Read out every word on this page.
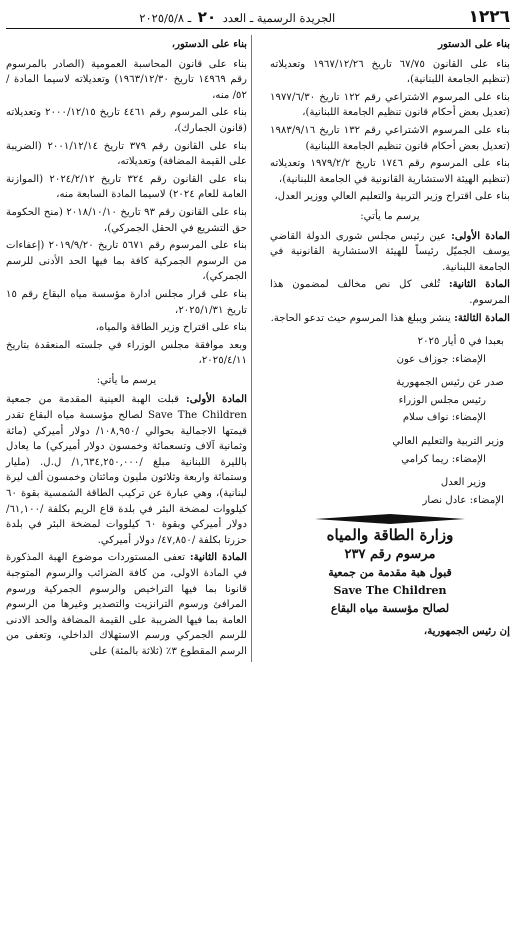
١٢٢٦
الجريدة الرسمية ـ العدد ٢٠ ـ ٢٠٢٥/٥/٨

بناء على الدستور

بناء على القانون ٦٧/٧٥ تاريخ ١٩٦٧/١٢/٢٦ وتعديلاته (تنظيم الجامعة اللبنانية)،

بناء على المرسوم الاشتراعي رقم ١٢٢ تاريخ ١٩٧٧/٦/٣٠ (تعديل بعض أحكام قانون تنظيم الجامعة اللبنانية)،

بناء على المرسوم الاشتراعي رقم ١٣٢ تاريخ ١٩٨٣/٩/١٦ (تعديل بعض أحكام قانون تنظيم الجامعة اللبنانية)

بناء على المرسوم رقم ١٧٤٦ تاريخ ١٩٧٩/٢/٢ وتعديلاته (تنظيم الهيئة الاستشارية القانونية في الجامعة اللبنانية)،

بناء على اقتراح وزير التربية والتعليم العالي ووزير العدل،

يرسم ما يأتي:

المادة الأولى: عين رئيس مجلس شورى الدولة القاضي يوسف الجميّل رئيساً للهيئة الاستشارية القانونية في الجامعة اللبنانية.

المادة الثانية: تُلغى كل نص مخالف لمضمون هذا المرسوم.

المادة الثالثة: ينشر ويبلغ هذا المرسوم حيث تدعو الحاجة.

بعبدا في ٥ أيار ٢٠٢٥

الإمضاء: جوزاف عون

صدر عن رئيس الجمهورية

رئيس مجلس الوزراء

الإمضاء: نواف سلام

وزير التربية والتعليم العالي

الإمضاء: ريما كرامي

وزير العدل

الإمضاء: عادل نصار

وزارة الطاقة والمياه

مرسوم رقم ٢٣٧
قبول هبة مقدمة من جمعية
Save The Children
لصالح مؤسسة مياه البقاع

إن رئيس الجمهورية،

بناء على الدستور،

بناء على قانون المحاسبة العمومية (الصادر بالمرسوم رقم ١٤٩٦٩ تاريخ ١٩٦٣/١٢/٣٠) وتعديلاته لاسيما المادة /٥٢/ منه،

بناء على المرسوم رقم ٤٤٦١ تاريخ ٢٠٠٠/١٢/١٥ وتعديلاته (قانون الجمارك)،

بناء على القانون رقم ٣٧٩ تاريخ ٢٠٠١/١٢/١٤ (الضريبة على القيمة المضافة) وتعديلاته،

بناء على القانون رقم ٣٢٤ تاريخ ٢٠٢٤/٢/١٢ (الموازنة العامة للعام ٢٠٢٤) لاسيما المادة السابعة منه،

بناء على القانون رقم ٩٣ تاريخ ٢٠١٨/١٠/١٠ (منح الحكومة حق التشريع في الحقل الجمركي)،

بناء على المرسوم رقم ٥٦٧١ تاريخ ٢٠١٩/٩/٢٠ (إعفاءات من الرسوم الجمركية كافة بما فيها الحد الأدنى للرسم الجمركي)،

بناء على قرار مجلس ادارة مؤسسة مياه البقاع رقم ١٥ تاريخ ٢٠٢٥/١/٣١،

بناء على اقتراح وزير الطاقة والمياه،

وبعد موافقة مجلس الوزراء في جلسته المنعقدة بتاريخ ٢٠٢٥/٤/١١،

يرسم ما يأتي:

المادة الأولى: قبلت الهبة العينية المقدمة من جمعية Save The Children لصالح مؤسسة مياه البقاع تقدر قيمتها الاجمالية بحوالي /١٠٨,٩٥٠/ دولار أميركي (مائة وثمانية آلاف وتسعمائة وخمسون دولار أميركي) ما يعادل بالليرة اللبنانية مبلغ /١,٦٣٤,٢٥٠,٠٠٠/ ل.ل. (مليار وستمائة واربعة وثلاثون مليون ومائتان وخمسون ألف ليرة لبنانية)، وهي عبارة عن تركيب الطاقة الشمسية بقوة ٦٠ كيلووات لمضخة البئر في بلدة قاع الريم بكلفة /٦١,١٠٠/ دولار أميركي وبقوة ٦٠ كيلووات لمضخة البئر في بلدة حزرتا بكلفة /٤٧,٨٥٠/ دولار أميركي.

المادة الثانية: تعفى المستوردات موضوع الهبة المذكورة في المادة الاولى، من كافة الضرائب والرسوم المتوجبة قانونا بما فيها التراخيص والرسوم الجمركية ورسوم المرافئ ورسوم الترانزيت والتصدير وغيرها من الرسوم العامة بما فيها الضريبة على القيمة المضافة والحد الادنى للرسم الجمركي ورسم الاستهلاك الداخلي، وتعفى من الرسم المقطوع ٣٪ (ثلاثة بالمئة) على
